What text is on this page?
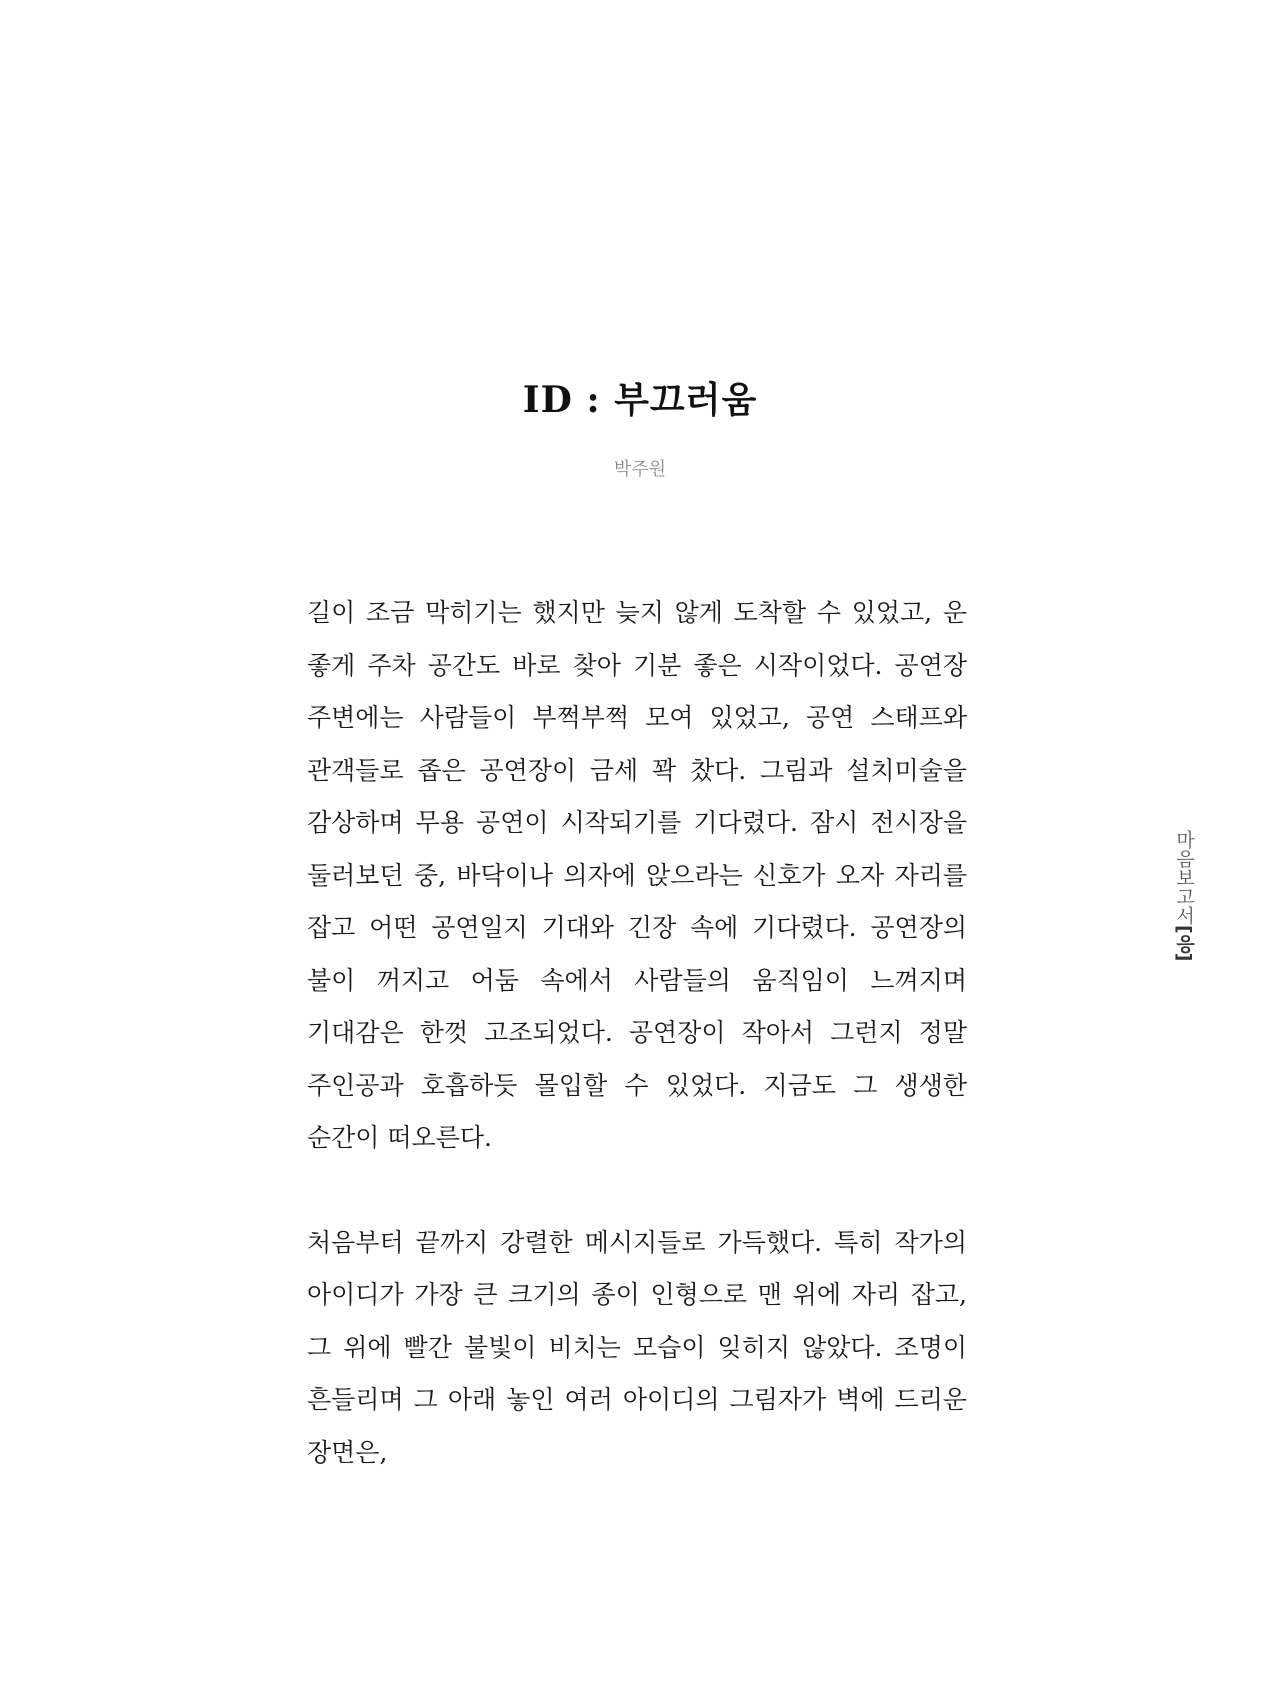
ID : 부끄러움
박주원

길이 조금 막히기는 했지만 늦지 않게 도착할 수 있었고, 운 좋게 주차 공간도 바로 찾아 기분 좋은 시작이었다. 공연장 주변에는 사람들이 부쩍부쩍 모여 있었고, 공연 스태프와 관객들로 좁은 공연장이 금세 꽉 찼다. 그림과 설치미술을 감상하며 무용 공연이 시작되기를 기다렸다. 잠시 전시장을 둘러보던 중, 바닥이나 의자에 앉으라는 신호가 오자 자리를 잡고 어떤 공연일지 기대와 긴장 속에 기다렸다. 공연장의 불이 꺼지고 어둠 속에서 사람들의 움직임이 느껴지며 기대감은 한껏 고조되었다. 공연장이 작아서 그런지 정말 주인공과 호흡하듯 몰입할 수 있었다. 지금도 그 생생한 순간이 떠오른다.

처음부터 끝까지 강렬한 메시지들로 가득했다. 특히 작가의 아이디가 가장 큰 크기의 종이 인형으로 맨 위에 자리 잡고, 그 위에 빨간 불빛이 비치는 모습이 잊히지 않았다. 조명이 흔들리며 그 아래 놓인 여러 아이디의 그림자가 벽에 드리운 장면은,

마음보고서[응]
